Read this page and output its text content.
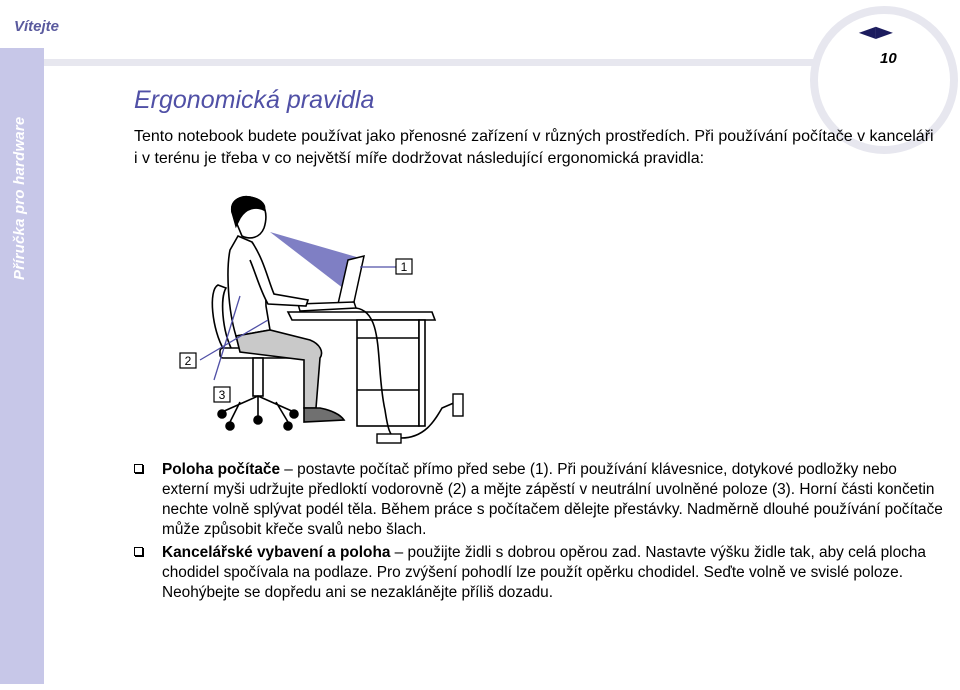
Vítejte
Příručka pro hardware
◀▶
10
Ergonomická pravidla
Tento notebook budete používat jako přenosné zařízení v různých prostředích. Při používání počítače v kanceláři i v terénu je třeba v co největší míře dodržovat následující ergonomická pravidla:
1
2
3
Poloha počítače – postavte počítač přímo před sebe (1). Při používání klávesnice, dotykové podložky nebo externí myši udržujte předloktí vodorovně (2) a mějte zápěstí v neutrální uvolněné poloze (3). Horní části končetin nechte volně splývat podél těla. Během práce s počítačem dělejte přestávky. Nadměrně dlouhé používání počítače může způsobit křeče svalů nebo šlach.
Kancelářské vybavení a poloha – použijte židli s dobrou opěrou zad. Nastavte výšku židle tak, aby celá plocha chodidel spočívala na podlaze. Pro zvýšení pohodlí lze použít opěrku chodidel. Seďte volně ve svislé poloze. Neohýbejte se dopředu ani se nezaklánějte příliš dozadu.
